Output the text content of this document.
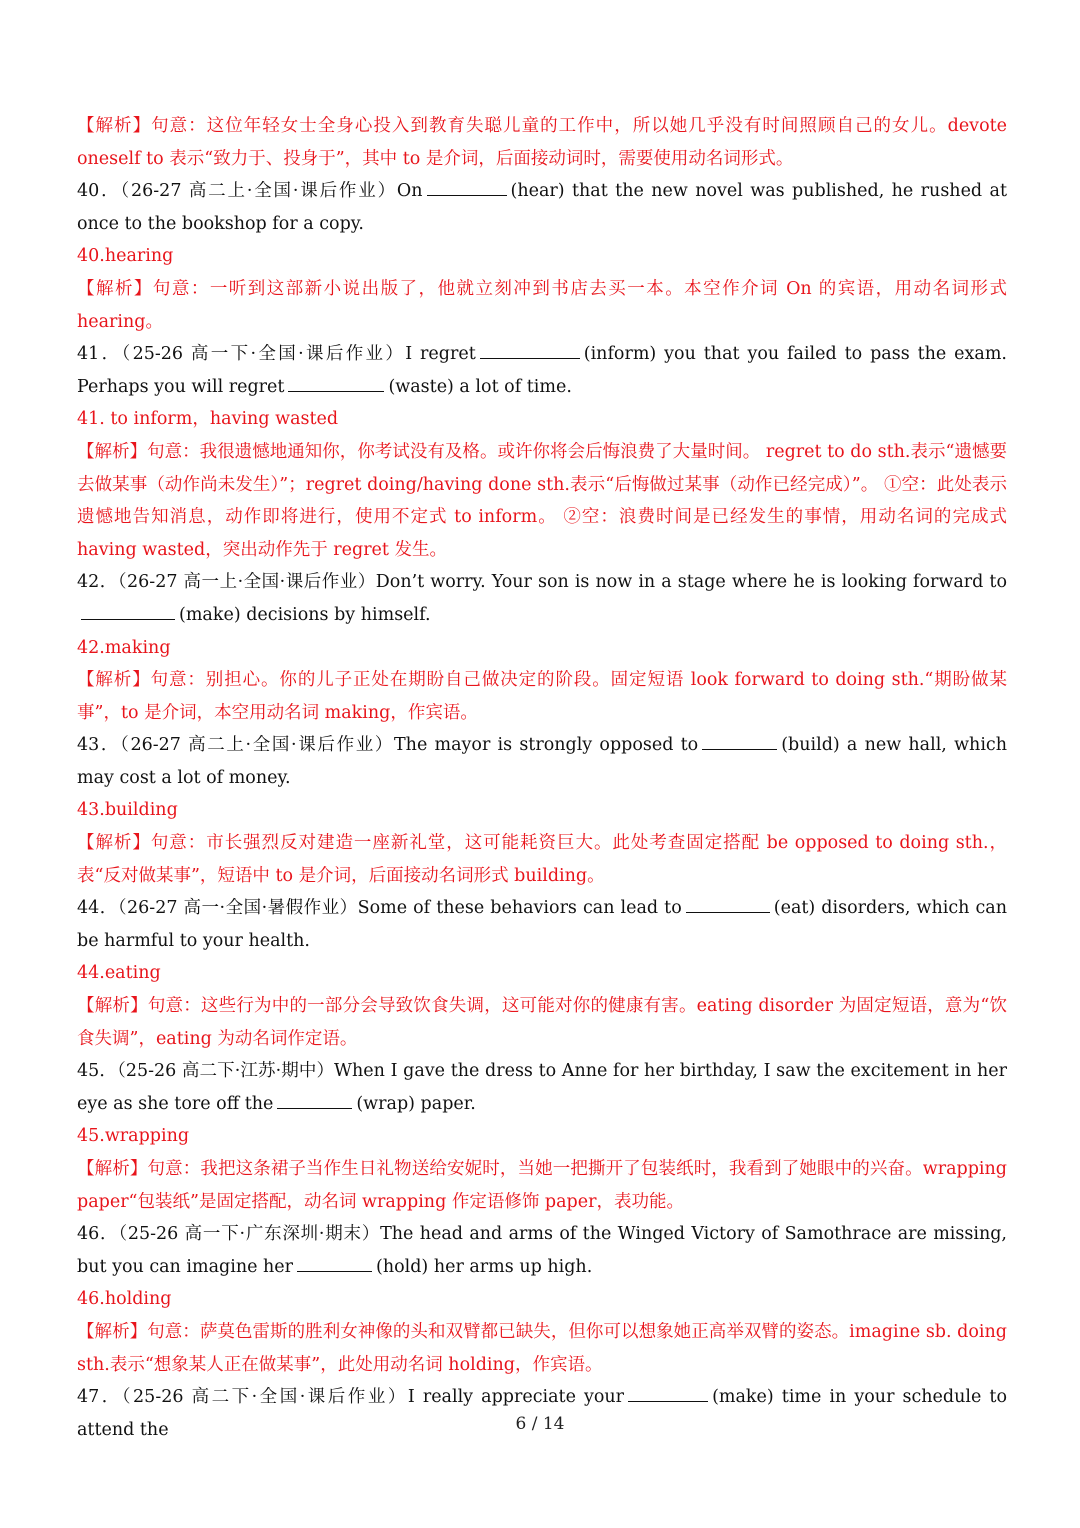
【解析】句意：这位年轻女士全身心投入到教育失聪儿童的工作中，所以她几乎没有时间照顾自己的女儿。devote oneself to 表示“致力于、投身于”，其中 to 是介词，后面接动词时，需要使用动名词形式。

40．（26-27 高二上·全国·课后作业）On	(hear) that the new novel was published, he rushed at once to the bookshop for a copy.

40.hearing

【解析】句意：一听到这部新小说出版了，他就立刻冲到书店去买一本。本空作介词 On 的宾语，用动名词形式 hearing。

41．（25-26 高一下·全国·课后作业）I regret	(inform) you that you failed to pass the exam. Perhaps you will regret	(waste) a lot of time.

41. to inform，having wasted

【解析】句意：我很遗憾地通知你，你考试没有及格。或许你将会后悔浪费了大量时间。 regret to do sth.表示“遗憾要去做某事（动作尚未发生）”；regret doing/having done sth.表示“后悔做过某事（动作已经完成）”。 ①空：此处表示遗憾地告知消息，动作即将进行，使用不定式 to inform。 ②空：浪费时间是已经发生的事情，用动名词的完成式 having wasted，突出动作先于 regret 发生。

42．（26-27 高一上·全国·课后作业）Don’t worry. Your son is now in a stage where he is looking forward to (make) decisions by himself.

42.making

【解析】句意：别担心。你的儿子正处在期盼自己做决定的阶段。固定短语 look forward to doing sth.“期盼做某事”，to 是介词，本空用动名词 making，作宾语。

43．（26-27 高二上·全国·课后作业）The mayor is strongly opposed to	(build) a new hall, which may cost a lot of money.

43.building

【解析】句意：市长强烈反对建造一座新礼堂，这可能耗资巨大。此处考查固定搭配 be opposed to doing sth.，表“反对做某事”，短语中 to 是介词，后面接动名词形式 building。

44．（26-27 高一·全国·暑假作业）Some of these behaviors can lead to	(eat) disorders, which can be harmful to your health.

44.eating

【解析】句意：这些行为中的一部分会导致饮食失调，这可能对你的健康有害。eating disorder 为固定短语，意为“饮食失调”，eating 为动名词作定语。

45．（25-26 高二下·江苏·期中）When I gave the dress to Anne for her birthday, I saw the excitement in her eye as she tore off the	(wrap) paper.

45.wrapping

【解析】句意：我把这条裙子当作生日礼物送给安妮时，当她一把撕开了包装纸时，我看到了她眼中的兴奋。wrapping paper“包装纸”是固定搭配，动名词 wrapping 作定语修饰 paper，表功能。

46．（25-26 高一下·广东深圳·期末）The head and arms of the Winged Victory of Samothrace are missing, but you can imagine her	(hold) her arms up high.

46.holding

【解析】句意：萨莫色雷斯的胜利女神像的头和双臂都已缺失，但你可以想象她正高举双臂的姿态。imagine sb. doing sth.表示“想象某人正在做某事”，此处用动名词 holding，作宾语。

47．（25-26 高二下·全国·课后作业）I really appreciate your	(make) time in your schedule to attend the	6 / 14
